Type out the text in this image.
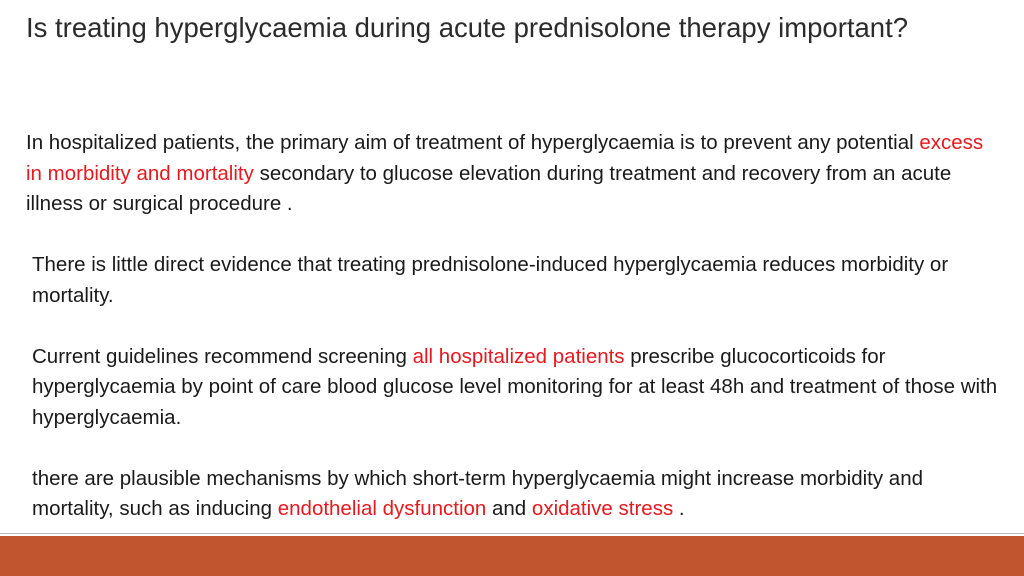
Is treating hyperglycaemia during acute prednisolone therapy important?

In hospitalized patients, the primary aim of treatment of hyperglycaemia is to prevent any potential excess in morbidity and mortality secondary to glucose elevation during treatment and recovery from an acute illness or surgical procedure .

There is little direct evidence that treating prednisolone-induced hyperglycaemia reduces morbidity or mortality.

Current guidelines recommend screening all hospitalized patients prescribe glucocorticoids for hyperglycaemia by point of care blood glucose level monitoring for at least 48h and treatment of those with hyperglycaemia.

there are plausible mechanisms by which short-term hyperglycaemia might increase morbidity and mortality, such as inducing endothelial dysfunction and oxidative stress .
